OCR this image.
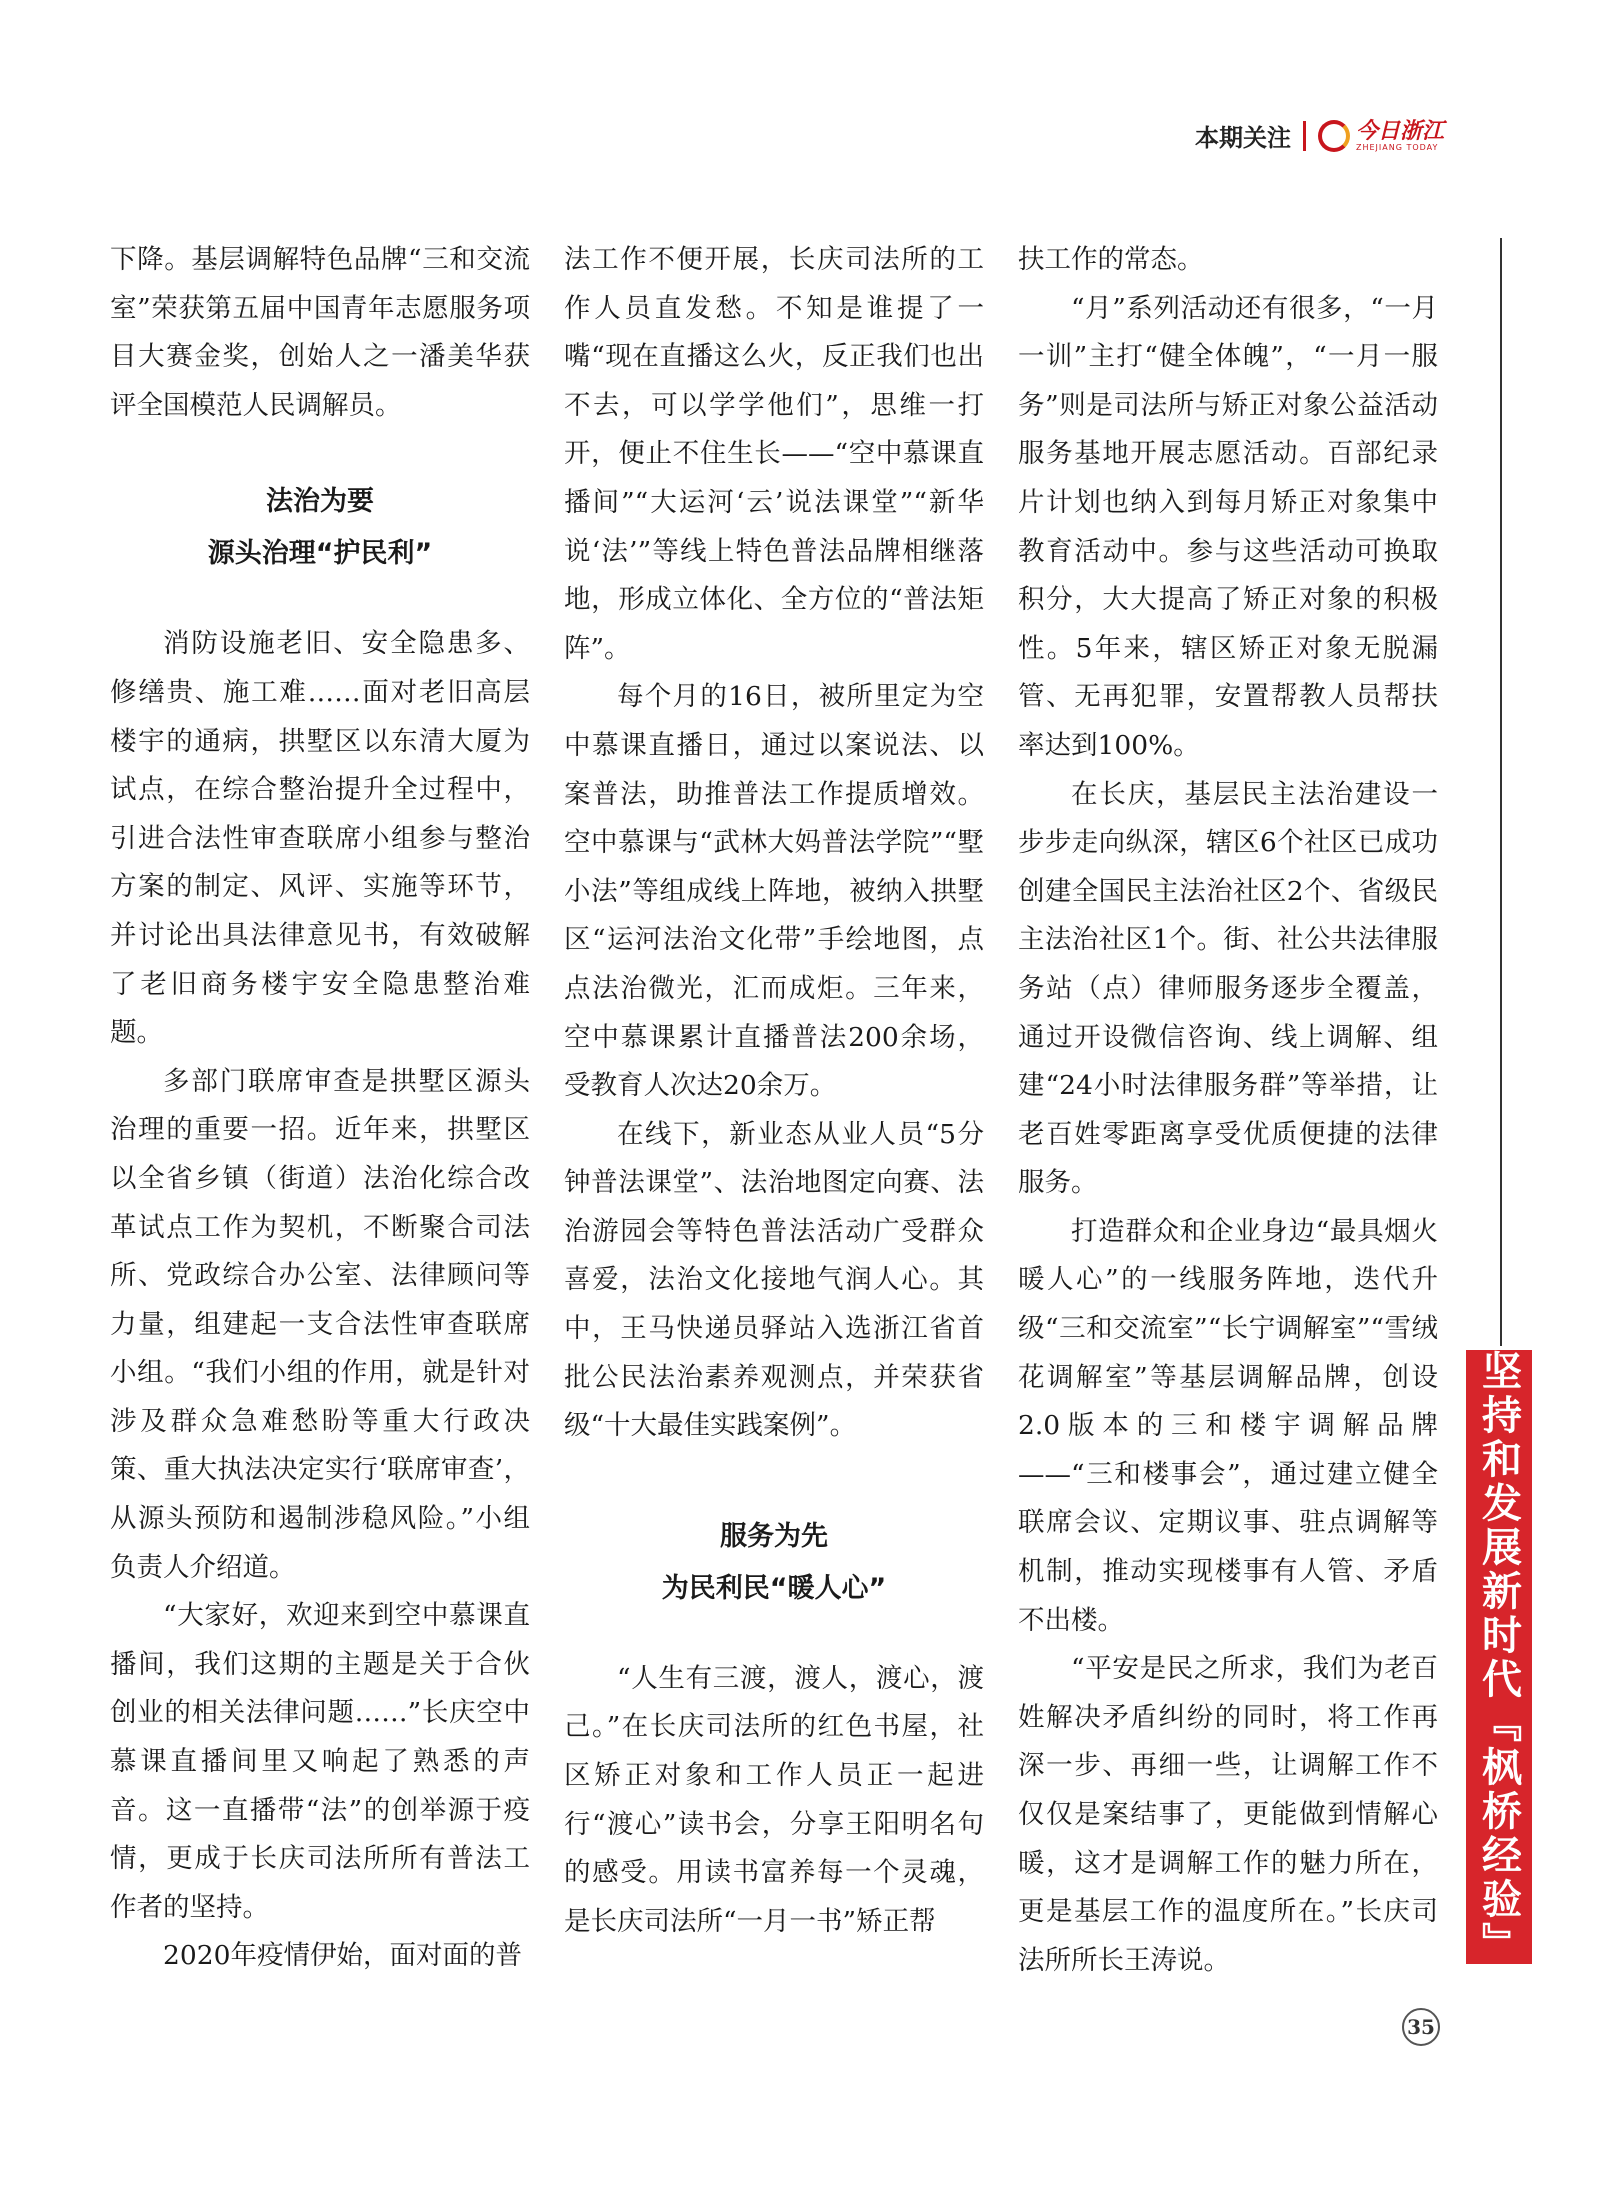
本期关注	今日浙江
ZHEJIANG TODAY

下降。基层调解特色品牌“三和交流室”荣获第五届中国青年志愿服务项目大赛金奖，创始人之一潘美华获评全国模范人民调解员。

法治为要
源头治理“护民利”

消防设施老旧、安全隐患多、修缮贵、施工难……面对老旧高层楼宇的通病，拱墅区以东清大厦为试点，在综合整治提升全过程中，引进合法性审查联席小组参与整治方案的制定、风评、实施等环节，并讨论出具法律意见书，有效破解了老旧商务楼宇安全隐患整治难题。

多部门联席审查是拱墅区源头治理的重要一招。近年来，拱墅区以全省乡镇（街道）法治化综合改革试点工作为契机，不断聚合司法所、党政综合办公室、法律顾问等力量，组建起一支合法性审查联席小组。“我们小组的作用，就是针对涉及群众急难愁盼等重大行政决策、重大执法决定实行‘联席审查’，从源头预防和遏制涉稳风险。”小组负责人介绍道。

“大家好，欢迎来到空中慕课直播间，我们这期的主题是关于合伙创业的相关法律问题……”长庆空中慕课直播间里又响起了熟悉的声音。这一直播带“法”的创举源于疫情，更成于长庆司法所所有普法工作者的坚持。

2020年疫情伊始，面对面的普

法工作不便开展，长庆司法所的工作人员直发愁。不知是谁提了一嘴“现在直播这么火，反正我们也出不去，可以学学他们”，思维一打开，便止不住生长——“空中慕课直播间”“大运河‘云’说法课堂”“新华说‘法’”等线上特色普法品牌相继落地，形成立体化、全方位的“普法矩阵”。

每个月的16日，被所里定为空中慕课直播日，通过以案说法、以案普法，助推普法工作提质增效。空中慕课与“武林大妈普法学院”“墅小法”等组成线上阵地，被纳入拱墅区“运河法治文化带”手绘地图，点点法治微光，汇而成炬。三年来，空中慕课累计直播普法200余场，受教育人次达20余万。

在线下，新业态从业人员“5分钟普法课堂”、法治地图定向赛、法治游园会等特色普法活动广受群众喜爱，法治文化接地气润人心。其中，王马快递员驿站入选浙江省首批公民法治素养观测点，并荣获省级“十大最佳实践案例”。

服务为先
为民利民“暖人心”

“人生有三渡，渡人，渡心，渡己。”在长庆司法所的红色书屋，社区矫正对象和工作人员正一起进行“渡心”读书会，分享王阳明名句的感受。用读书富养每一个灵魂，是长庆司法所“一月一书”矫正帮

扶工作的常态。

“月”系列活动还有很多，“一月一训”主打“健全体魄”，“一月一服务”则是司法所与矫正对象公益活动服务基地开展志愿活动。百部纪录片计划也纳入到每月矫正对象集中教育活动中。参与这些活动可换取积分，大大提高了矫正对象的积极性。5年来，辖区矫正对象无脱漏管、无再犯罪，安置帮教人员帮扶率达到100%。

在长庆，基层民主法治建设一步步走向纵深，辖区6个社区已成功创建全国民主法治社区2个、省级民主法治社区1个。街、社公共法律服务站（点）律师服务逐步全覆盖，通过开设微信咨询、线上调解、组建“24小时法律服务群”等举措，让老百姓零距离享受优质便捷的法律服务。

打造群众和企业身边“最具烟火暖人心”的一线服务阵地，迭代升级“三和交流室”“长宁调解室”“雪绒花调解室”等基层调解品牌，创设2.0版本的三和楼宇调解品牌——“三和楼事会”，通过建立健全联席会议、定期议事、驻点调解等机制，推动实现楼事有人管、矛盾不出楼。

“平安是民之所求，我们为老百姓解决矛盾纠纷的同时，将工作再深一步、再细一些，让调解工作不仅仅是案结事了，更能做到情解心暖，这才是调解工作的魅力所在，更是基层工作的温度所在。”长庆司法所所长王涛说。	坚持和发展新时代『枫桥经验』
35
